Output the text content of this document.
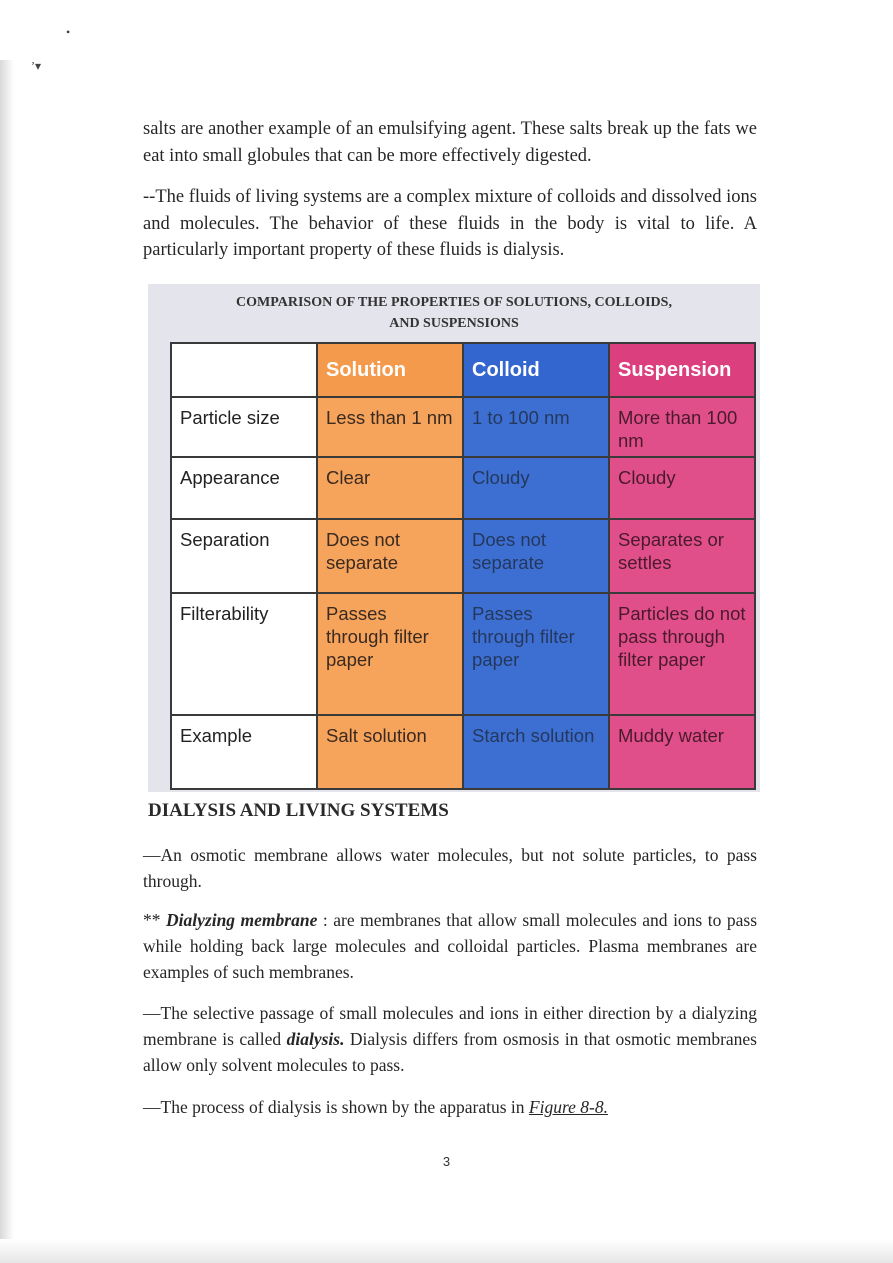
•
ʼ▾

salts are another example of an emulsifying agent. These salts break up the fats we eat into small globules that can be more effectively digested.

--The fluids of living systems are a complex mixture of colloids and dissolved ions and molecules. The behavior of these fluids in the body is vital to life. A particularly important property of these fluids is dialysis.

COMPARISON OF THE PROPERTIES OF SOLUTIONS, COLLOIDS,
AND SUSPENSIONS
Property	Solution	Colloid	Suspension
Particle size	Less than 1 nm	1 to 100 nm	More than 100 nm
Appearance	Clear	Cloudy	Cloudy
Separation	Does not separate	Does not separate	Separates or settles
Filterability	Passes through filter paper	Passes through filter paper	Particles do not pass through filter paper
Example	Salt solution	Starch solution	Muddy water
DIALYSIS AND LIVING SYSTEMS

—An osmotic membrane allows water molecules, but not solute particles, to pass through.

** Dialyzing membrane : are membranes that allow small molecules and ions to pass while holding back large molecules and colloidal particles. Plasma membranes are examples of such membranes.

—The selective passage of small molecules and ions in either direction by a dialyzing membrane is called dialysis. Dialysis differs from osmosis in that osmotic membranes allow only solvent molecules to pass.

—The process of dialysis is shown by the apparatus in Figure 8-8.

3
